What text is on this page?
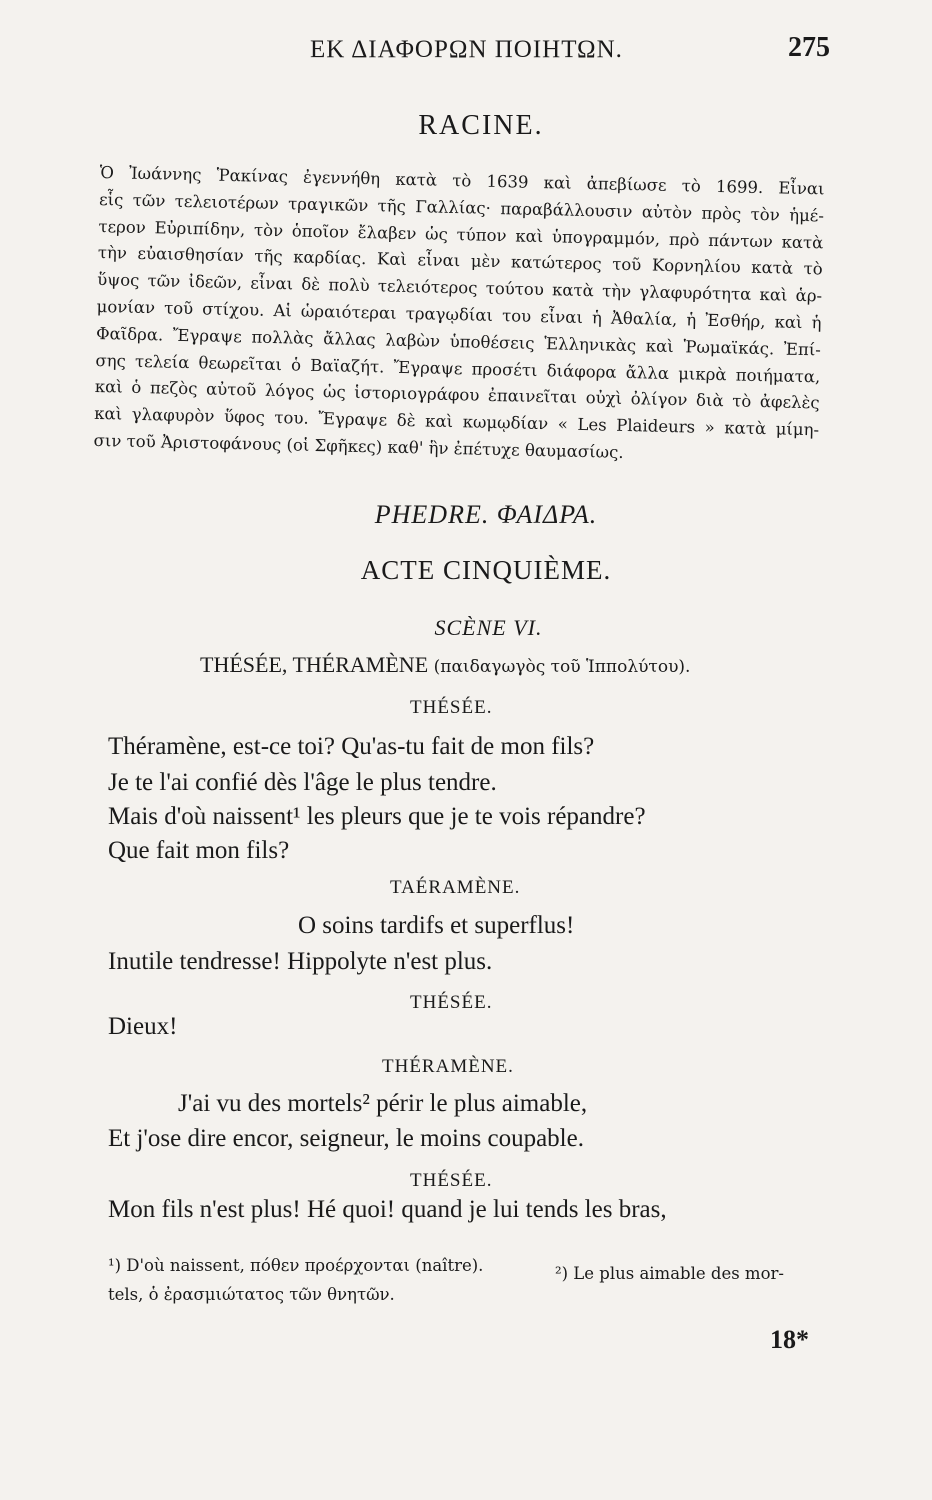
ΕΚ ΔΙΑΦΟΡΩΝ ΠΟΙΗΤΩΝ.	275
RACINE.
Ὁ Ἰωάννης Ῥακίνας ἐγεννήθη κατὰ τὸ 1639 καὶ ἀπεβίωσε τὸ 1699. Εἶναι
εἷς τῶν τελειοτέρων τραγικῶν τῆς Γαλλίας· παραβάλλουσιν αὐτὸν πρὸς τὸν ἡμέ-
τερον Εὐριπίδην, τὸν ὁποῖον ἔλαβεν ὡς τύπον καὶ ὑπογραμμόν, πρὸ πάντων κατὰ
τὴν εὐαισθησίαν τῆς καρδίας. Καὶ εἶναι μὲν κατώτερος τοῦ Κορνηλίου κατὰ τὸ
ὕψος τῶν ἰδεῶν, εἶναι δὲ πολὺ τελειότερος τούτου κατὰ τὴν γλαφυρότητα καὶ ἁρ-
μονίαν τοῦ στίχου. Αἱ ὡραιότεραι τραγῳδίαι του εἶναι ἡ Ἀθαλία, ἡ Ἐσθήρ, καὶ ἡ
Φαῖδρα. Ἔγραψε πολλὰς ἄλλας λαβὼν ὑποθέσεις Ἑλληνικὰς καὶ Ῥωμαϊκάς. Ἐπί-
σης τελεία θεωρεῖται ὁ Βαϊαζήτ. Ἔγραψε προσέτι διάφορα ἄλλα μικρὰ ποιήματα,
καὶ ὁ πεζὸς αὐτοῦ λόγος ὡς ἱστοριογράφου ἐπαινεῖται οὐχὶ ὀλίγον διὰ τὸ ἀφελὲς
καὶ γλαφυρὸν ὕφος του. Ἔγραψε δὲ καὶ κωμῳδίαν « Les Plaideurs » κατὰ μίμη-
σιν τοῦ Ἀριστοφάνους (οἱ Σφῆκες) καθ' ἣν ἐπέτυχε θαυμασίως.
PHEDRE. ΦΑΙΔΡΑ.
ACTE CINQUIÈME.
SCÈNE VI.
THÉSÉE, THÉRAMÈNE (παιδαγωγὸς τοῦ Ἱππολύτου).
THÉSÉE.
Théramène, est-ce toi? Qu'as-tu fait de mon fils?
Je te l'ai confié dès l'âge le plus tendre.
Mais d'où naissent¹ les pleurs que je te vois répandre?
Que fait mon fils?
TAÉRAMÈNE.
O soins tardifs et superflus!
Inutile tendresse! Hippolyte n'est plus.
THÉSÉE.
Dieux!
THÉRAMÈNE.
J'ai vu des mortels² périr le plus aimable,
Et j'ose dire encor, seigneur, le moins coupable.
THÉSÉE.
Mon fils n'est plus! Hé quoi! quand je lui tends les bras,
¹) D'où naissent, πόθεν προέρχονται (naître).	²) Le plus aimable des mor-
tels, ὁ ἐρασμιώτατος τῶν θνητῶν.
18*
